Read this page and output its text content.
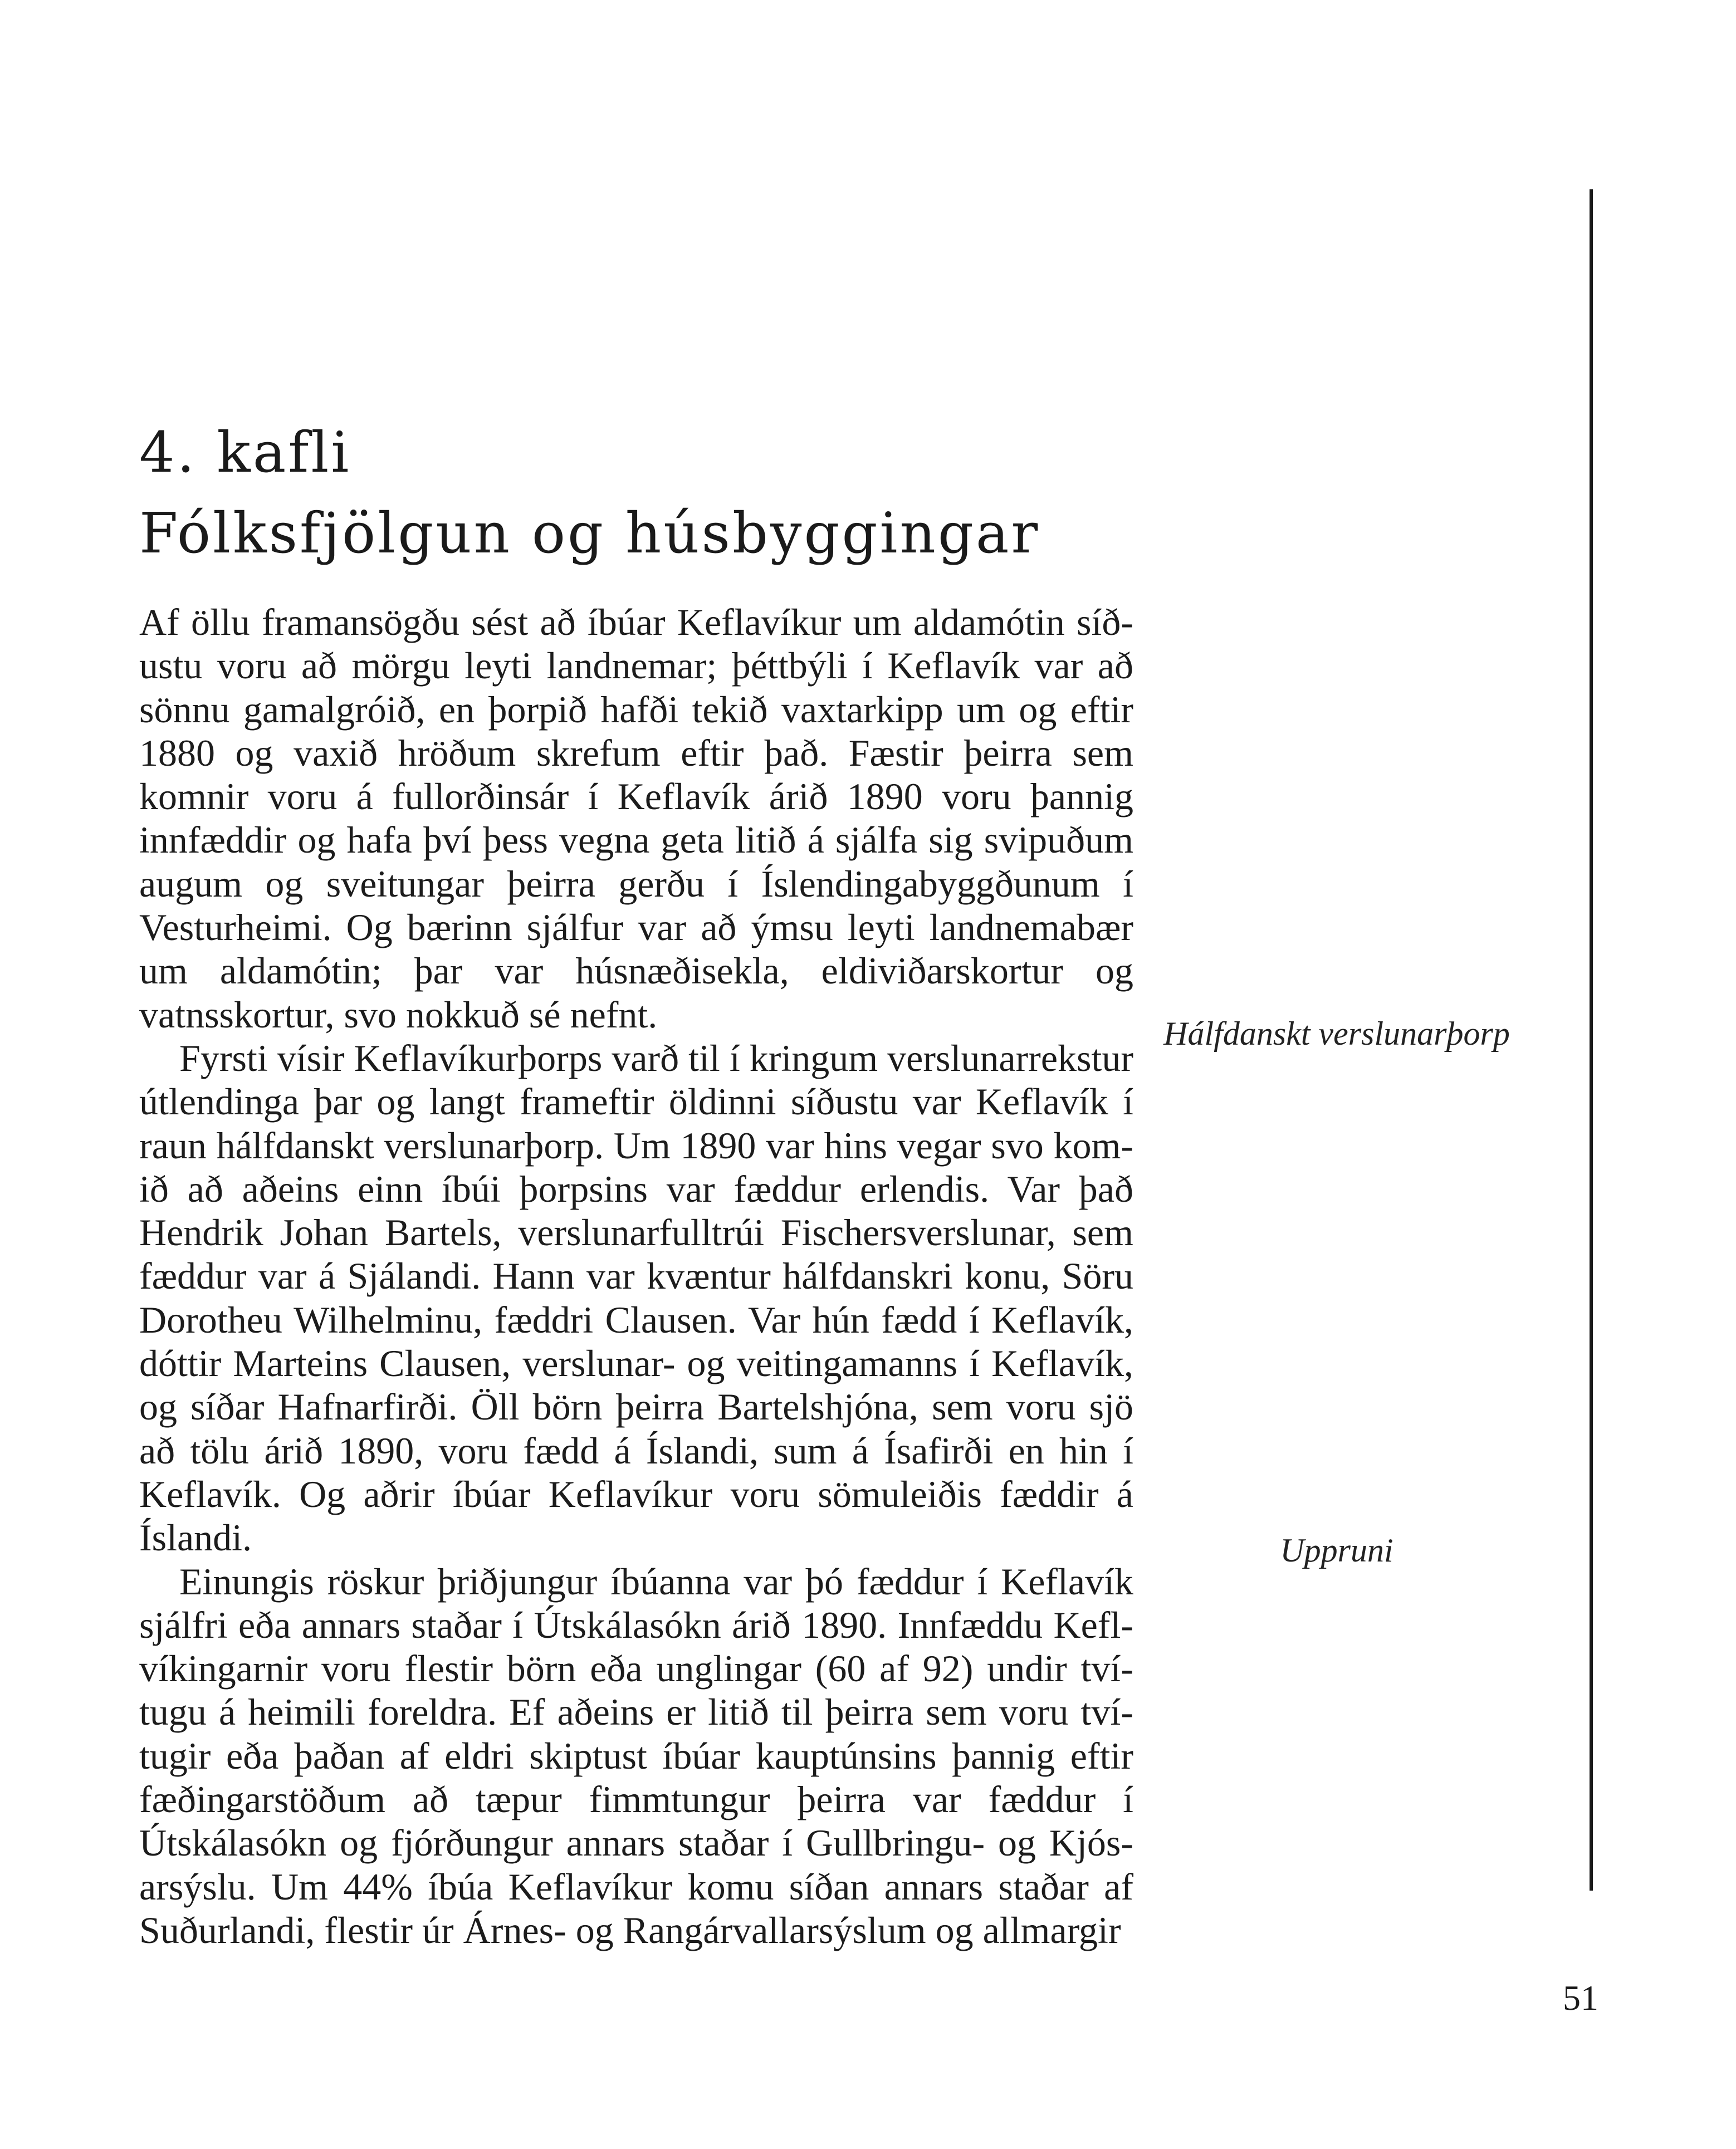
4. kafli
Fólksfjölgun og húsbyggingar

Af öllu framansögðu sést að íbúar Keflavíkur um aldamótin síðustu voru að mörgu leyti landnemar; þéttbýli í Keflavík var að sönnu gamalgróið, en þorpið hafði tekið vaxtarkipp um og eftir 1880 og vaxið hröðum skrefum eftir það. Fæstir þeirra sem komnir voru á fullorðinsár í Keflavík árið 1890 voru þannig innfæddir og hafa því þess vegna geta litið á sjálfa sig svipuðum augum og sveitungar þeirra gerðu í Íslendingabyggðunum í Vesturheimi. Og bærinn sjálfur var að ýmsu leyti landnemabær um aldamótin; þar var húsnæðisekla, eldiviðarskortur og vatnsskortur, svo nokkuð sé nefnt.

Fyrsti vísir Keflavíkurþorps varð til í kringum verslunarrekstur útlendinga þar og langt frameftir öldinni síðustu var Keflavík í raun hálfdanskt verslunarþorp. Um 1890 var hins vegar svo komið að aðeins einn íbúi þorpsins var fæddur erlendis. Var það Hendrik Johan Bartels, verslunarfulltrúi Fischersverslunar, sem fæddur var á Sjálandi. Hann var kvæntur hálfdanskri konu, Söru Dorotheu Wilhelminu, fæddri Clausen. Var hún fædd í Keflavík, dóttir Marteins Clausen, verslunar- og veitingamanns í Keflavík, og síðar Hafnarfirði. Öll börn þeirra Bartelshjóna, sem voru sjö að tölu árið 1890, voru fædd á Íslandi, sum á Ísafirði en hin í Keflavík. Og aðrir íbúar Keflavíkur voru sömuleiðis fæddir á Íslandi.

Einungis röskur þriðjungur íbúanna var þó fæddur í Keflavík sjálfri eða annars staðar í Útskálasókn árið 1890. Innfæddu Keflvíkingarnir voru flestir börn eða unglingar (60 af 92) undir tvítugu á heimili foreldra. Ef aðeins er litið til þeirra sem voru tvítugir eða þaðan af eldri skiptust íbúar kauptúnsins þannig eftir fæðingarstöðum að tæpur fimmtungur þeirra var fæddur í Útskálasókn og fjórðungur annars staðar í Gullbringu- og Kjósarsýslu. Um 44% íbúa Keflavíkur komu síðan annars staðar af Suðurlandi, flestir úr Árnes- og Rangárvallarsýslum og allmargir

Hálfdanskt verslunarþorp
Uppruni
51
